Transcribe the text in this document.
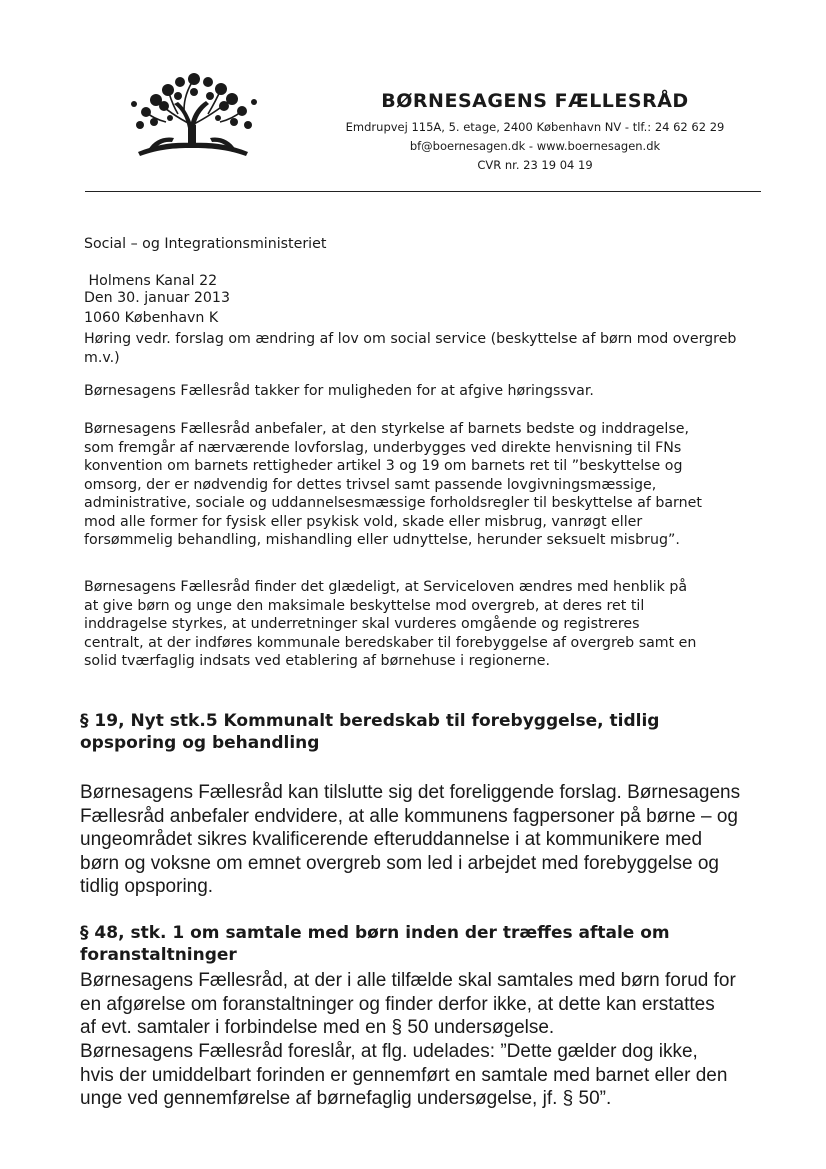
BØRNESAGENS FÆLLESRÅD

Emdrupvej 115A, 5. etage, 2400 København NV - tlf.: 24 62 62 29

bf@boernesagen.dk - www.boernesagen.dk

CVR nr. 23 19 04 19

Social – og Integrationsministeriet

Holmens Kanal 22

1060 København K

Den 30. januar 2013

Høring vedr. forslag om ændring af lov om social service (beskyttelse af børn mod overgreb m.v.)

Børnesagens Fællesråd takker for muligheden for at afgive høringssvar.

Børnesagens Fællesråd anbefaler, at den styrkelse af barnets bedste og inddragelse,
som fremgår af nærværende lovforslag, underbygges ved direkte henvisning til FNs
konvention om barnets rettigheder artikel 3 og 19 om barnets ret til ”beskyttelse og
omsorg, der er nødvendig for dettes trivsel samt passende lovgivningsmæssige,
administrative, sociale og uddannelsesmæssige forholdsregler til beskyttelse af barnet
mod alle former for fysisk eller psykisk vold, skade eller misbrug, vanrøgt eller
forsømmelig behandling, mishandling eller udnyttelse, herunder seksuelt misbrug”.

Børnesagens Fællesråd finder det glædeligt, at Serviceloven ændres med henblik på
at give børn og unge den maksimale beskyttelse mod overgreb, at deres ret til
inddragelse styrkes, at underretninger skal vurderes omgående og registreres
centralt, at der indføres kommunale beredskaber til forebyggelse af overgreb samt en
solid tværfaglig indsats ved etablering af børnehuse i regionerne.

§ 19, Nyt stk.5 Kommunalt beredskab til forebyggelse, tidlig
opsporing og behandling

Børnesagens Fællesråd kan tilslutte sig det foreliggende forslag. Børnesagens
Fællesråd anbefaler endvidere, at alle kommunens fagpersoner på børne – og
ungeområdet sikres kvalificerende efteruddannelse i at kommunikere med
børn og voksne om emnet overgreb som led i arbejdet med forebyggelse og
tidlig opsporing.

§ 48, stk. 1 om samtale med børn inden der træffes aftale om
foranstaltninger

Børnesagens Fællesråd, at der i alle tilfælde skal samtales med børn forud for
en afgørelse om foranstaltninger og finder derfor ikke, at dette kan erstattes
af evt. samtaler i forbindelse med en § 50 undersøgelse.

Børnesagens Fællesråd foreslår, at flg. udelades: ”Dette gælder dog ikke,
hvis der umiddelbart forinden er gennemført en samtale med barnet eller den
unge ved gennemførelse af børnefaglig undersøgelse, jf. § 50”.
